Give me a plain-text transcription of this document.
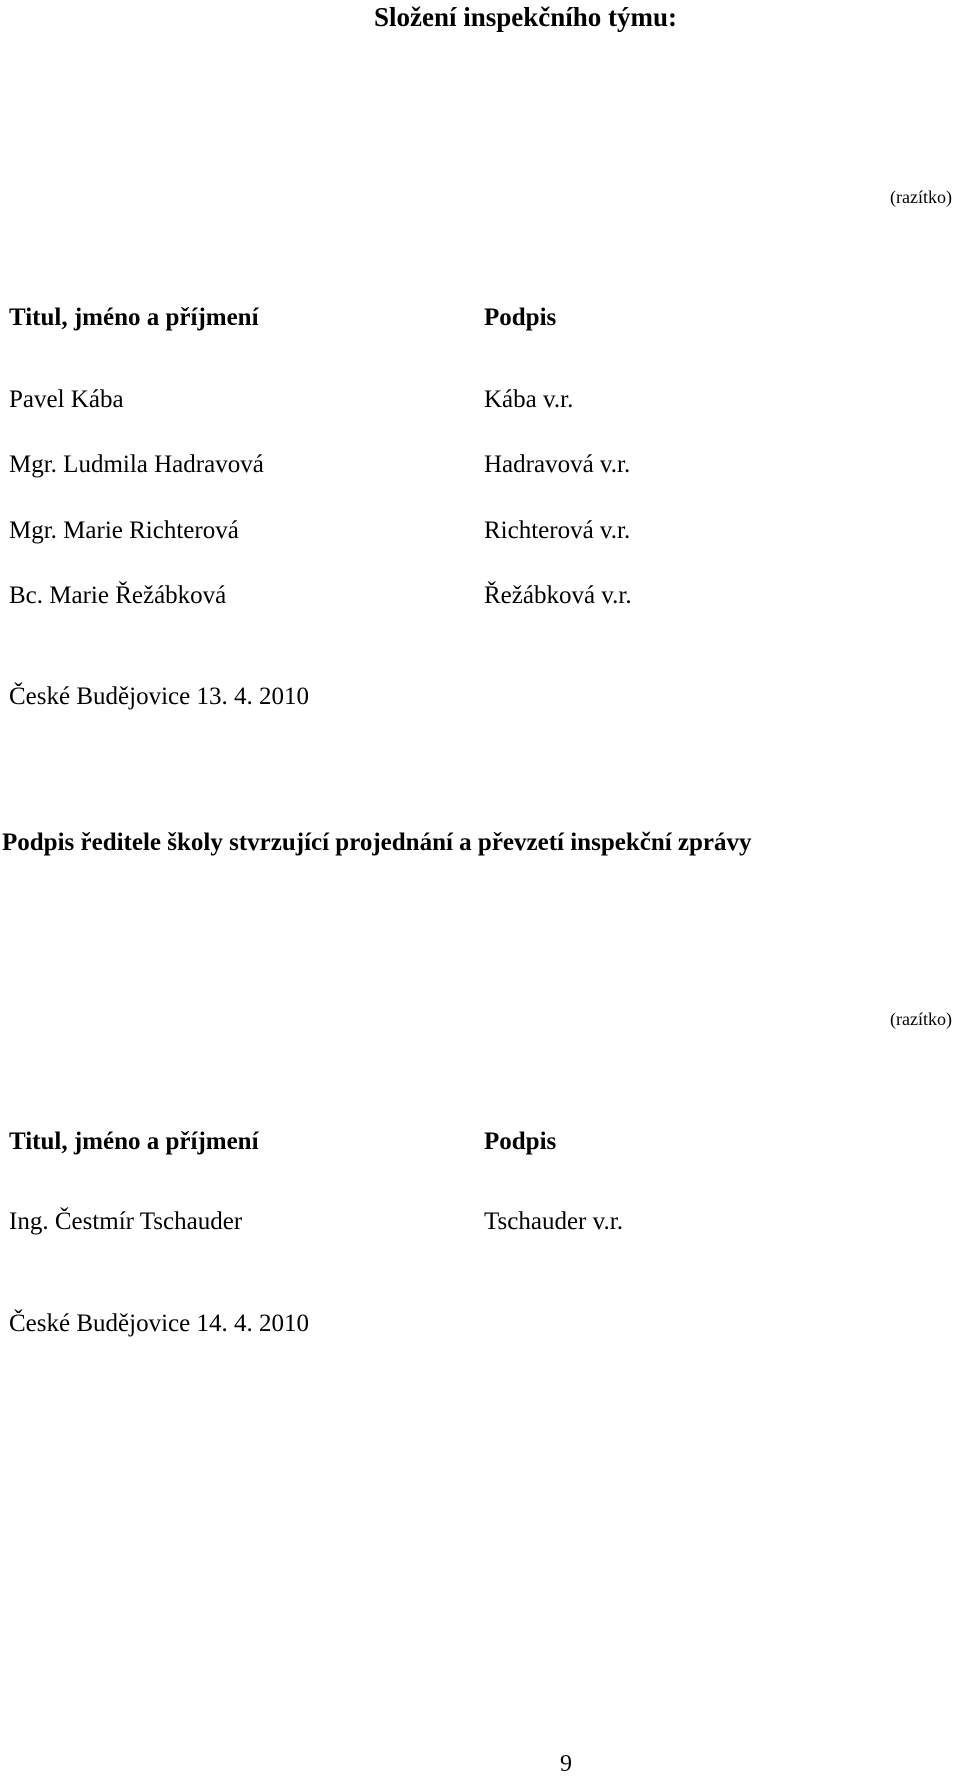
Složení inspekčního týmu:
(razítko)
Titul, jméno a příjmení	Podpis
Pavel Kába	Kába v.r.
Mgr. Ludmila Hadravová	Hadravová v.r.
Mgr. Marie Richterová	Richterová v.r.
Bc. Marie Řežábková	Řežábková v.r.
České Budějovice 13. 4. 2010
Podpis ředitele školy stvrzující projednání a převzetí inspekční zprávy
(razítko)
Titul, jméno a příjmení	Podpis
Ing. Čestmír Tschauder	Tschauder v.r.
České Budějovice 14. 4. 2010
9
